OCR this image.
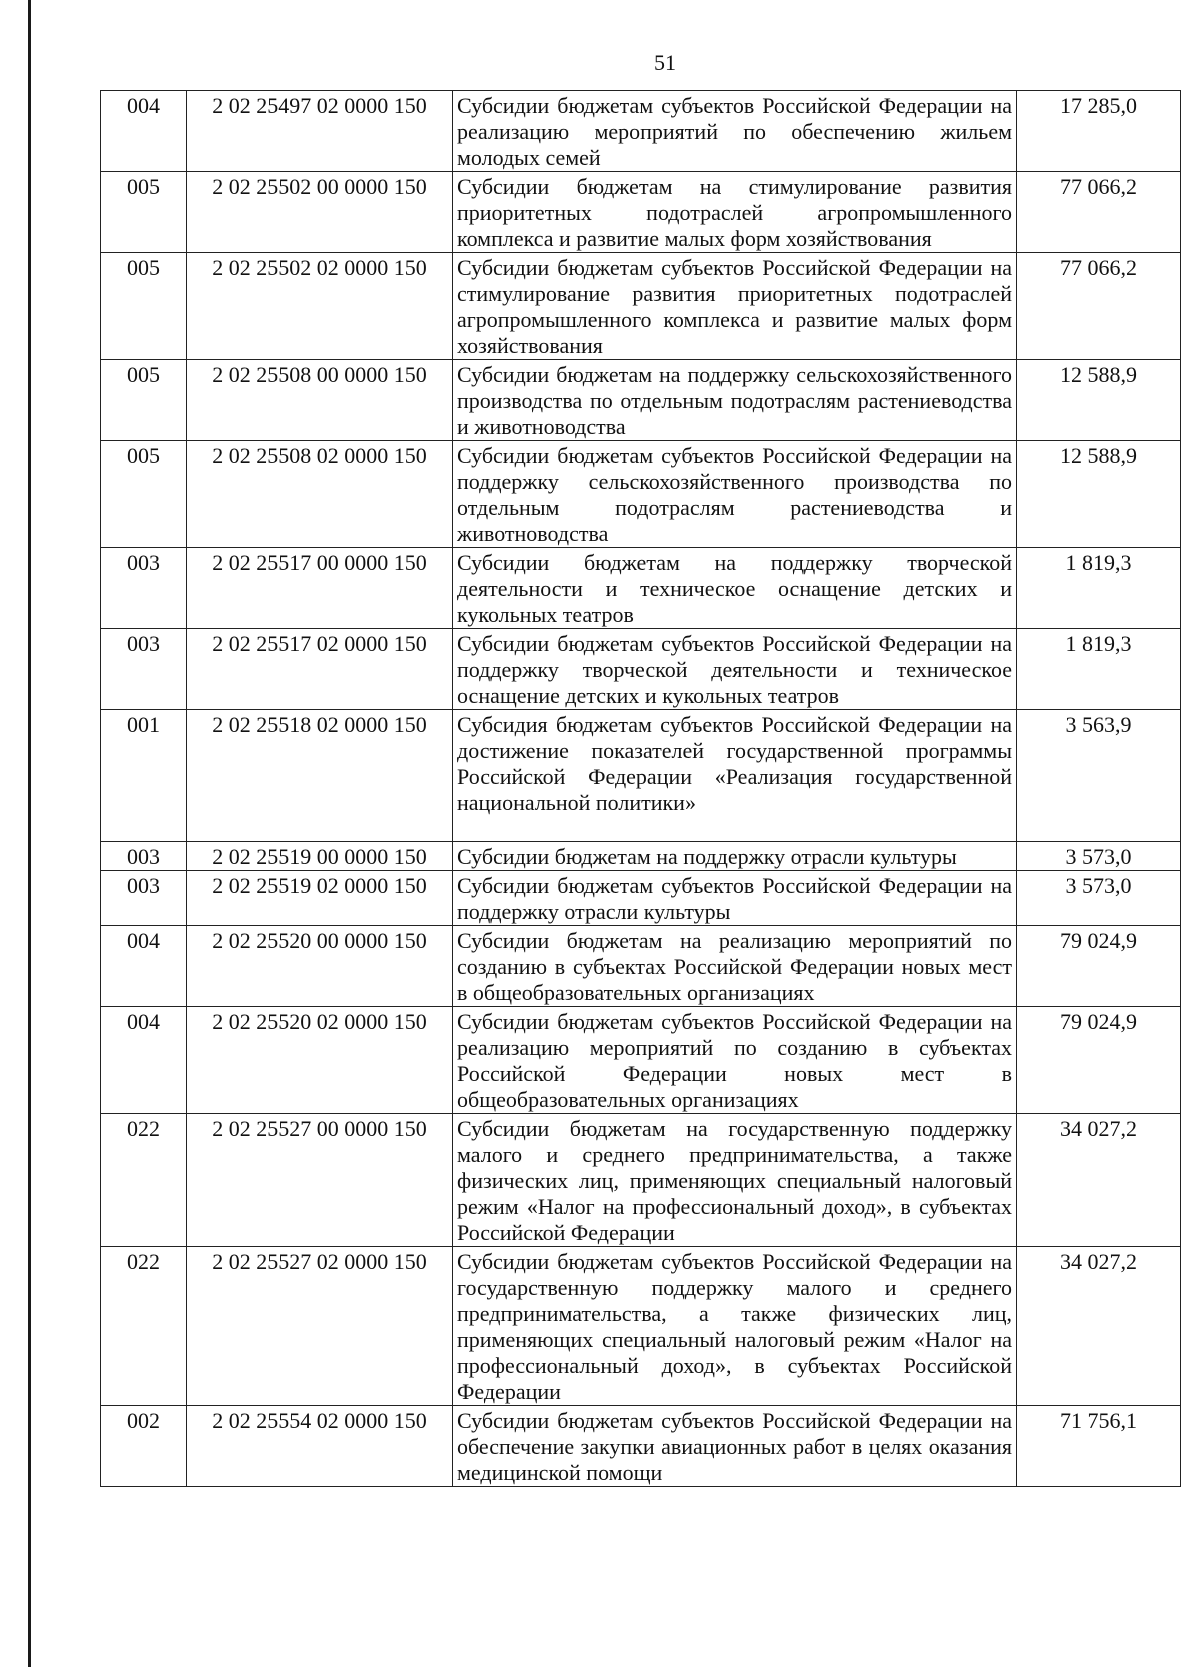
51
004	2 02 25497 02 0000 150	Субсидии бюджетам субъектов Российской Федерации на реализацию мероприятий по обеспечению жильем молодых семей	17 285,0
005	2 02 25502 00 0000 150	Субсидии бюджетам на стимулирование развития приоритетных подотраслей агропромышленного комплекса и развитие малых форм хозяйствования	77 066,2
005	2 02 25502 02 0000 150	Субсидии бюджетам субъектов Российской Федерации на стимулирование развития приоритетных подотраслей агропромышленного комплекса и развитие малых форм хозяйствования	77 066,2
005	2 02 25508 00 0000 150	Субсидии бюджетам на поддержку сельскохозяйственного производства по отдельным подотраслям растениеводства и животноводства	12 588,9
005	2 02 25508 02 0000 150	Субсидии бюджетам субъектов Российской Федерации на поддержку сельскохозяйственного производства по отдельным подотраслям растениеводства и животноводства	12 588,9
003	2 02 25517 00 0000 150	Субсидии бюджетам на поддержку творческой деятельности и техническое оснащение детских и кукольных театров	1 819,3
003	2 02 25517 02 0000 150	Субсидии бюджетам субъектов Российской Федерации на поддержку творческой деятельности и техническое оснащение детских и кукольных театров	1 819,3
001	2 02 25518 02 0000 150	Субсидия бюджетам субъектов Российской Федерации на достижение показателей государственной программы Российской Федерации «Реализация государственной национальной политики»	3 563,9
003	2 02 25519 00 0000 150	Субсидии бюджетам на поддержку отрасли культуры	3 573,0
003	2 02 25519 02 0000 150	Субсидии бюджетам субъектов Российской Федерации на поддержку отрасли культуры	3 573,0
004	2 02 25520 00 0000 150	Субсидии бюджетам на реализацию мероприятий по созданию в субъектах Российской Федерации новых мест в общеобразовательных организациях	79 024,9
004	2 02 25520 02 0000 150	Субсидии бюджетам субъектов Российской Федерации на реализацию мероприятий по созданию в субъектах Российской Федерации новых мест в общеобразовательных организациях	79 024,9
022	2 02 25527 00 0000 150	Субсидии бюджетам на государственную поддержку малого и среднего предпринимательства, а также физических лиц, применяющих специальный налоговый режим «Налог на профессиональный доход», в субъектах Российской Федерации	34 027,2
022	2 02 25527 02 0000 150	Субсидии бюджетам субъектов Российской Федерации на государственную поддержку малого и среднего предпринимательства, а также физических лиц, применяющих специальный налоговый режим «Налог на профессиональный доход», в субъектах Российской Федерации	34 027,2
002	2 02 25554 02 0000 150	Субсидии бюджетам субъектов Российской Федерации на обеспечение закупки авиационных работ в целях оказания медицинской помощи	71 756,1
